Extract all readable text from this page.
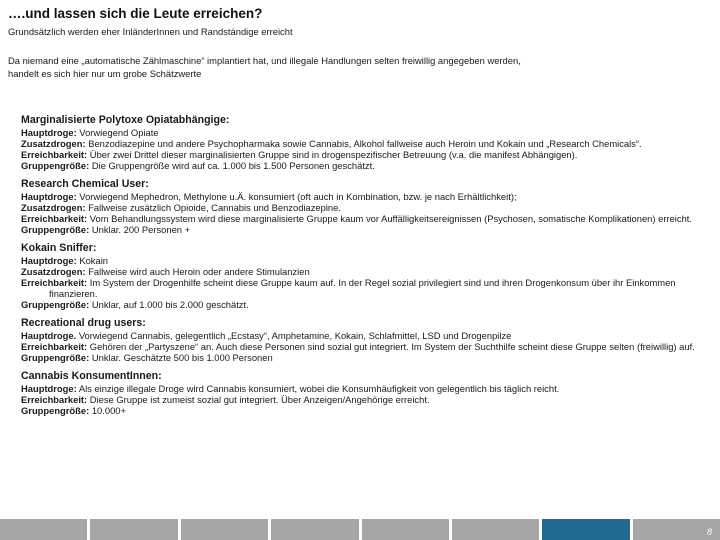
….und lassen sich die Leute erreichen?
Grundsätzlich werden eher InländerInnen und Randständige erreicht
Da niemand eine „automatische Zählmaschine“ implantiert hat, und illegale Handlungen selten freiwillig angegeben werden,
handelt es sich hier nur um grobe Schätzwerte
Marginalisierte Polytoxe Opiatabhängige:
Hauptdroge: Vorwiegend Opiate
Zusatzdrogen: Benzodiazepine und andere Psychopharmaka sowie Cannabis, Alkohol fallweise auch Heroin und Kokain und „Research Chemicals“.
Erreichbarkeit: Über zwei Drittel dieser marginalisierten Gruppe sind in drogenspezifischer Betreuung (v.a. die manifest Abhängigen).
Gruppengröße: Die Gruppengröße wird auf ca. 1.000 bis 1.500 Personen geschätzt.
Research Chemical User:
Hauptdroge: Vorwiegend Mephedron, Methylone u.Ä. konsumiert (oft auch in Kombination, bzw. je nach Erhältlichkeit);
Zusatzdrogen: Fallweise zusätzlich Opioide, Cannabis und Benzodiazepine.
Erreichbarkeit: Vom Behandlungssystem wird diese marginalisierte Gruppe kaum vor Auffälligkeitsereignissen (Psychosen, somatische Komplikationen) erreicht.
Gruppengröße: Unklar. 200 Personen +
Kokain Sniffer:
Hauptdroge: Kokain
Zusatzdrogen: Fallweise wird auch Heroin oder andere Stimulanzien
Erreichbarkeit: Im System der Drogenhilfe scheint diese Gruppe kaum auf. In der Regel sozial privilegiert sind und ihren Drogenkonsum über ihr Einkommen finanzieren.
Gruppengröße: Unklar, auf 1.000 bis 2.000 geschätzt.
Recreational drug users:
Hauptdroge. Vorwiegend Cannabis, gelegentlich „Ecstasy“, Amphetamine, Kokain, Schlafmittel, LSD und Drogenpilze
Erreichbarkeit: Gehören der „Partyszene“ an. Auch diese Personen sind sozial gut integriert. Im System der Suchthilfe scheint diese Gruppe selten (freiwillig) auf.
Gruppengröße: Unklar. Geschätzte 500 bis 1.000 Personen
Cannabis KonsumentInnen:
Hauptdroge: Als einzige illegale Droge wird Cannabis konsumiert, wobei die Konsumhäufigkeit von gelegentlich bis täglich reicht.
Erreichbarkeit: Diese Gruppe ist zumeist sozial gut integriert. Über Anzeigen/Angehörige erreicht.
Gruppengröße: 10.000+
8
